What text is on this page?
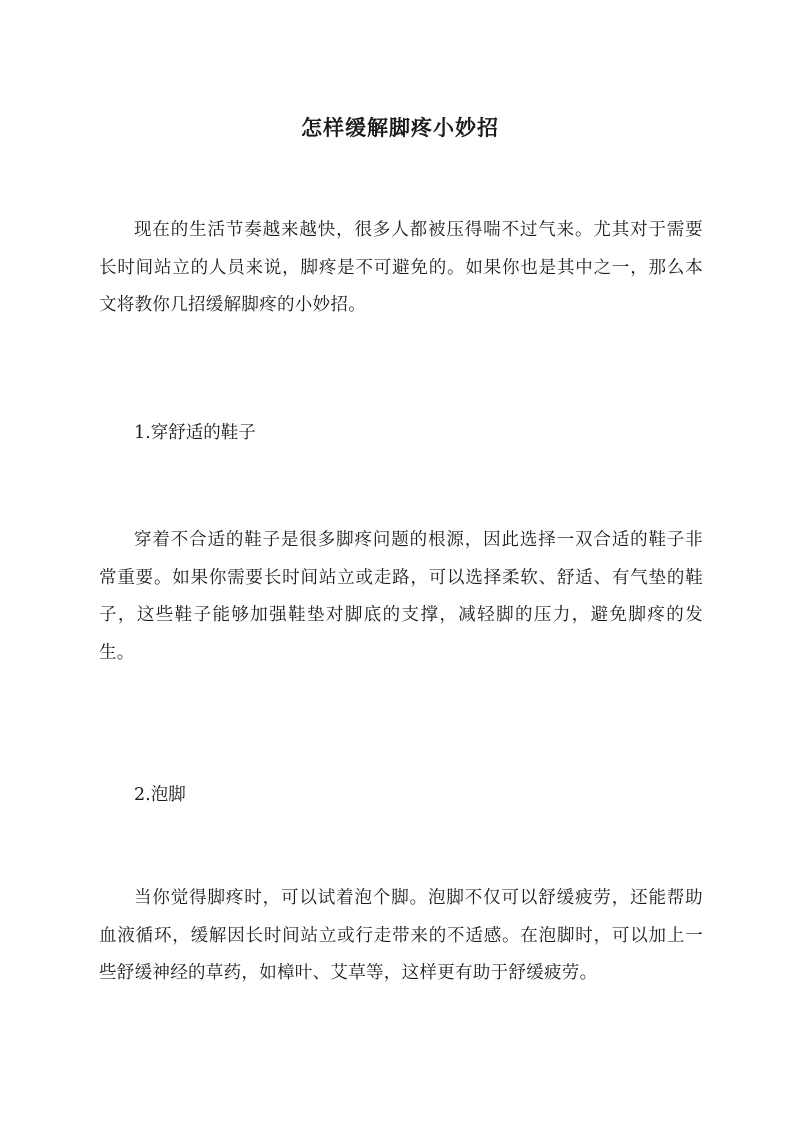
怎样缓解脚疼小妙招

现在的生活节奏越来越快，很多人都被压得喘不过气来。尤其对于需要长时间站立的人员来说，脚疼是不可避免的。如果你也是其中之一，那么本文将教你几招缓解脚疼的小妙招。

1.穿舒适的鞋子

穿着不合适的鞋子是很多脚疼问题的根源，因此选择一双合适的鞋子非常重要。如果你需要长时间站立或走路，可以选择柔软、舒适、有气垫的鞋子，这些鞋子能够加强鞋垫对脚底的支撑，减轻脚的压力，避免脚疼的发生。

2.泡脚

当你觉得脚疼时，可以试着泡个脚。泡脚不仅可以舒缓疲劳，还能帮助血液循环，缓解因长时间站立或行走带来的不适感。在泡脚时，可以加上一些舒缓神经的草药，如樟叶、艾草等，这样更有助于舒缓疲劳。
